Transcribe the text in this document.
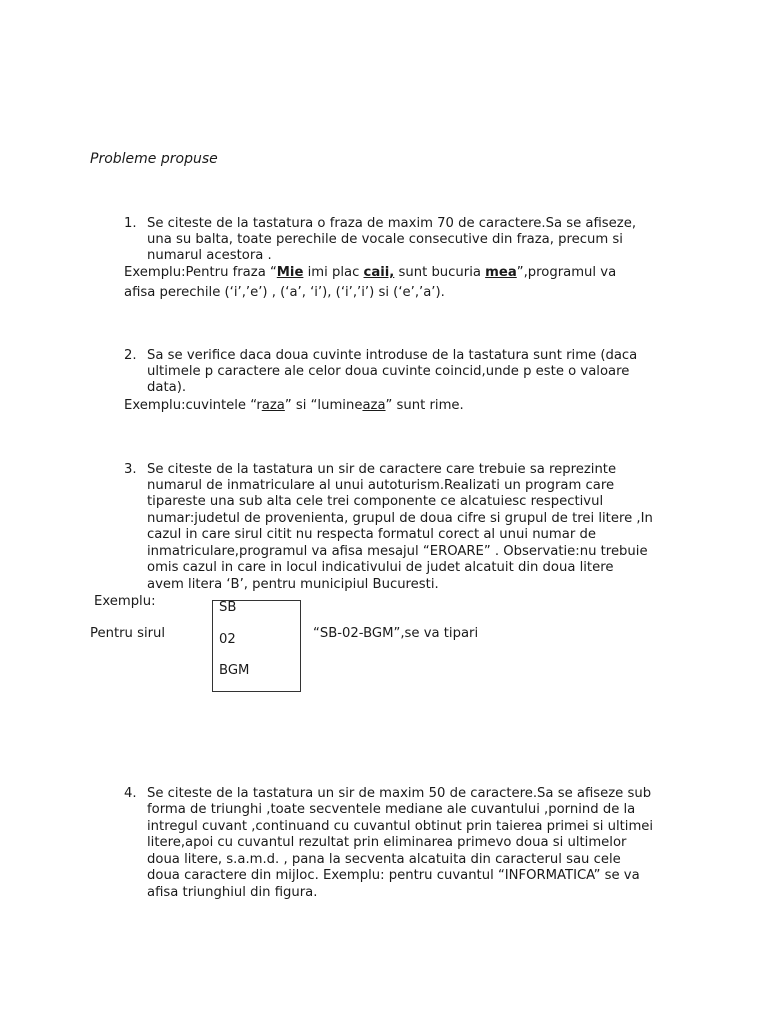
Probleme propuse
1. Se citeste de la tastatura o fraza de maxim 70 de caractere.Sa se afiseze,
una su balta, toate perechile de vocale consecutive din fraza, precum si
numarul acestora .
Exemplu:Pentru fraza “Mie imi plac caii, sunt bucuria mea”,programul va
afisa perechile (‘i’,’e’) , (‘a’, ‘i’), (‘i’,’i’) si (‘e’,’a’).
2. Sa se verifice daca doua cuvinte introduse de la tastatura sunt rime (daca
ultimele p caractere ale celor doua cuvinte coincid,unde p este o valoare
data).
Exemplu:cuvintele “raza” si “lumineaza” sunt rime.
3. Se citeste de la tastatura un sir de caractere care trebuie sa reprezinte
numarul de inmatriculare al unui autoturism.Realizati un program care
tipareste una sub alta cele trei componente ce alcatuiesc respectivul
numar:judetul de provenienta, grupul de doua cifre si grupul de trei litere ,In
cazul in care sirul citit nu respecta formatul corect al unui numar de
inmatriculare,programul va afisa mesajul “EROARE” . Observatie:nu trebuie
omis cazul in care in locul indicativului de judet alcatuit din doua litere
avem litera ‘B’, pentru municipiul Bucuresti.
Exemplu:
Pentru sirul
SB
02
BGM
“SB-02-BGM”,se va tipari
4. Se citeste de la tastatura un sir de maxim 50 de caractere.Sa se afiseze sub
forma de triunghi ,toate secventele mediane ale cuvantului ,pornind de la
intregul cuvant ,continuand cu cuvantul obtinut prin taierea primei si ultimei
litere,apoi cu cuvantul rezultat prin eliminarea primevo doua si ultimelor
doua litere, s.a.m.d. , pana la secventa alcatuita din caracterul sau cele
doua caractere din mijloc. Exemplu: pentru cuvantul “INFORMATICA” se va
afisa triunghiul din figura.
